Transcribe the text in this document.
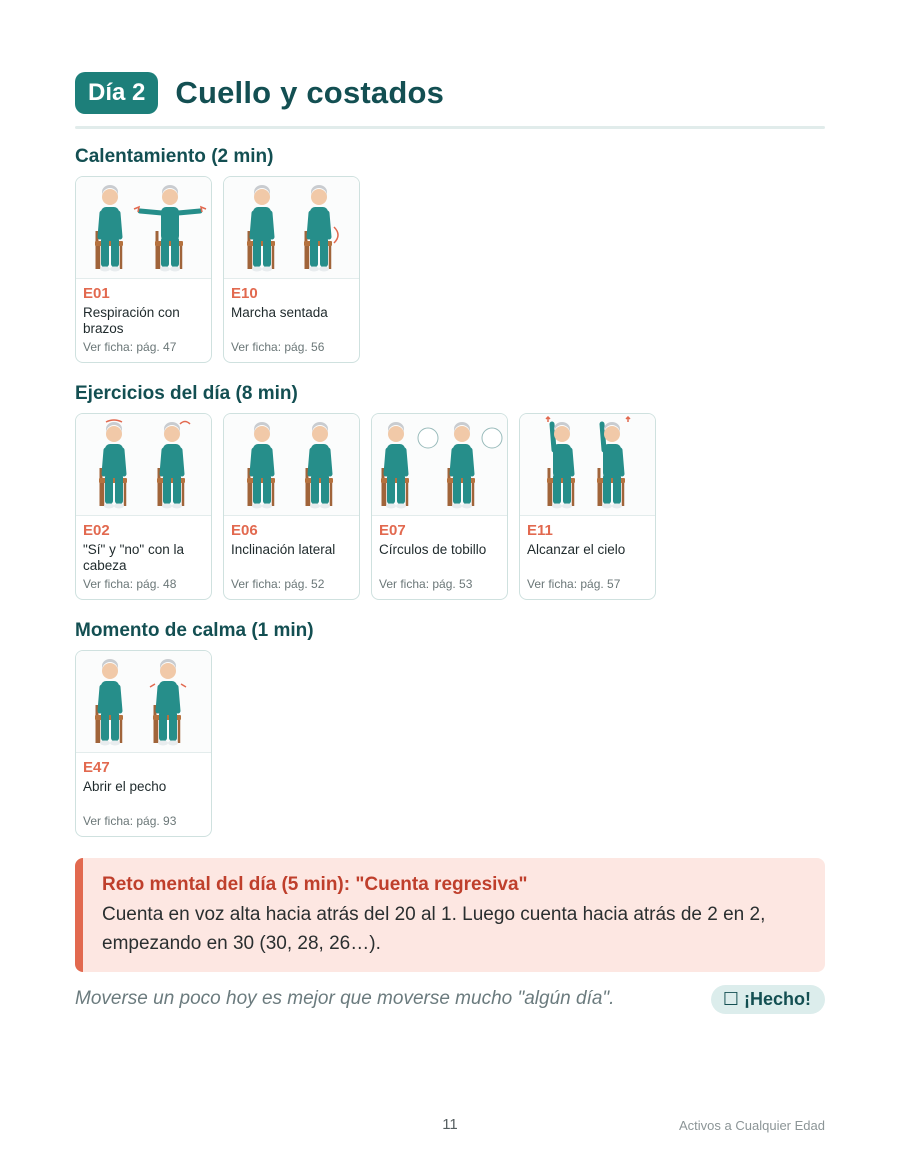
Día 2 Cuello y costados
Calentamiento (2 min)
E01
Respiración con brazos
Ver ficha: pág. 47
E10
Marcha sentada
Ver ficha: pág. 56
Ejercicios del día (8 min)
E02
"Sí" y "no" con la cabeza
Ver ficha: pág. 48
E06
Inclinación lateral
Ver ficha: pág. 52
E07
Círculos de tobillo
Ver ficha: pág. 53
E11
Alcanzar el cielo
Ver ficha: pág. 57
Momento de calma (1 min)
E47
Abrir el pecho
Ver ficha: pág. 93
Reto mental del día (5 min): "Cuenta regresiva"
Cuenta en voz alta hacia atrás del 20 al 1. Luego cuenta hacia atrás de 2 en 2, empezando en 30 (30, 28, 26…).
Moverse un poco hoy es mejor que moverse mucho "algún día".	☐ ¡Hecho!
11	Activos a Cualquier Edad
